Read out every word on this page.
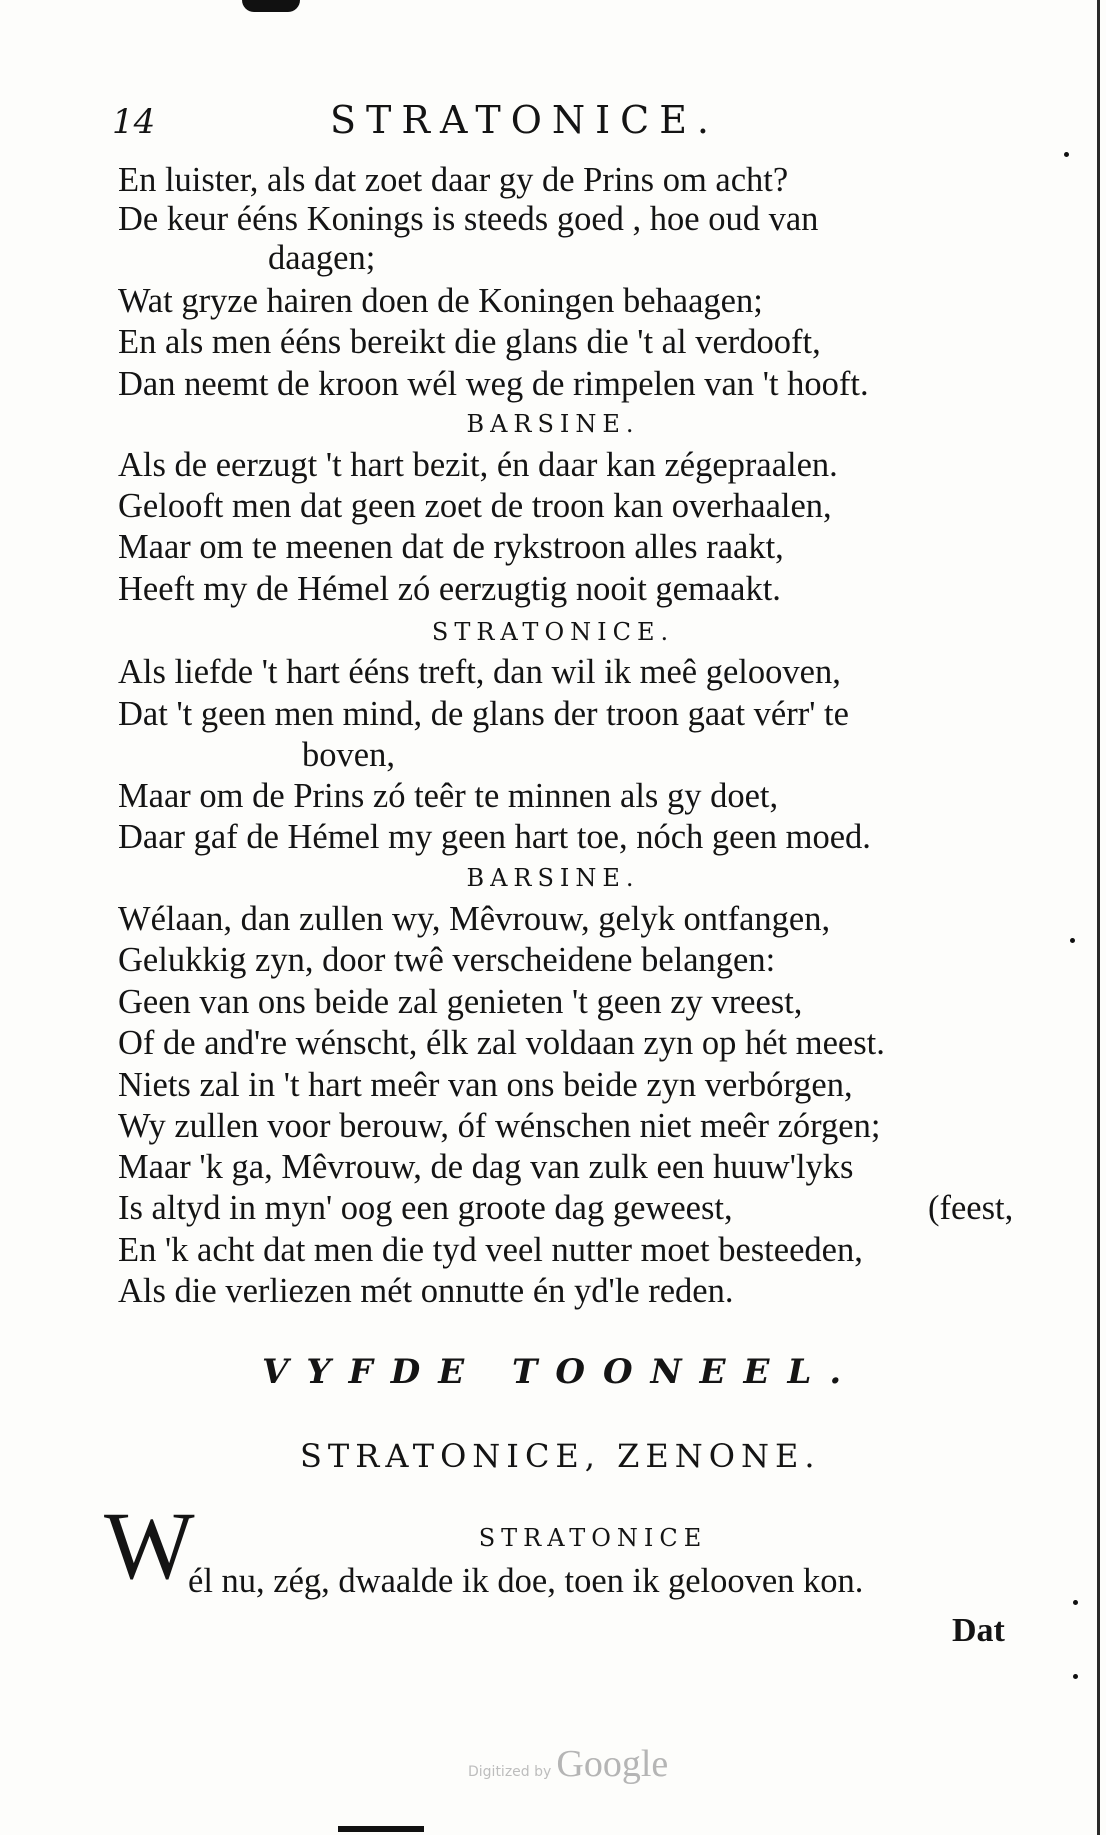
14	STRATONICE.
En luister, als dat zoet daar gy de Prins om acht?
De keur ééns Konings is steeds goed , hoe oud van
daagen;
Wat gryze hairen doen de Koningen behaagen;
En als men ééns bereikt die glans die 't al verdooft,
Dan neemt de kroon wél weg de rimpelen van 't hooft.
BARSINE.
Als de eerzugt 't hart bezit, én daar kan zégepraalen.
Gelooft men dat geen zoet de troon kan overhaalen,
Maar om te meenen dat de rykstroon alles raakt,
Heeft my de Hémel zó eerzugtig nooit gemaakt.
STRATONICE.
Als liefde 't hart ééns treft, dan wil ik meê gelooven,
Dat 't geen men mind, de glans der troon gaat vérr' te
boven,
Maar om de Prins zó teêr te minnen als gy doet,
Daar gaf de Hémel my geen hart toe, nóch geen moed.
BARSINE.
Wélaan, dan zullen wy, Mêvrouw, gelyk ontfangen,
Gelukkig zyn, door twê verscheidene belangen:
Geen van ons beide zal genieten 't geen zy vreest,
Of de and're wénscht, élk zal voldaan zyn op hét meest.
Niets zal in 't hart meêr van ons beide zyn verbórgen,
Wy zullen voor berouw, óf wénschen niet meêr zórgen;
Maar 'k ga, Mêvrouw, de dag van zulk een huuw'lyks
Is altyd in myn' oog een groote dag geweest,	(feest,
En 'k acht dat men die tyd veel nutter moet besteeden,
Als die verliezen mét onnutte én yd'le reden.
VYFDE TOONEEL.
STRATONICE, ZENONE.
STRATONICE
W
él nu, zég, dwaalde ik doe, toen ik gelooven kon.
Dat
Digitized by Google
